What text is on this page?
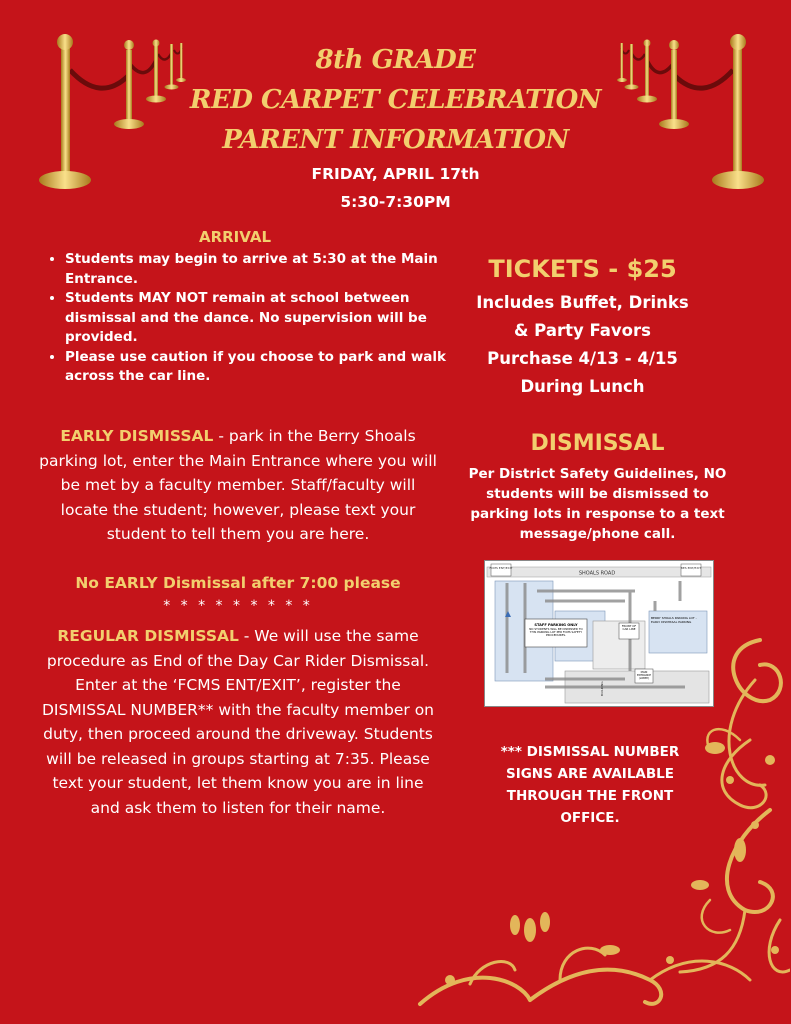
8th GRADE
RED CARPET CELEBRATION
PARENT INFORMATION
FRIDAY, APRIL 17th
5:30-7:30PM
ARRIVAL
• Students may begin to arrive at 5:30 at the Main Entrance.
• Students MAY NOT remain at school between dismissal and the dance. No supervision will be provided.
• Please use caution if you choose to park and walk across the car line.
EARLY DISMISSAL - park in the Berry Shoals parking lot, enter the Main Entrance where you will be met by a faculty member. Staff/faculty will locate the student; however, please text your student to tell them you are here.
No EARLY Dismissal after 7:00 please
* * * * * * * * *
REGULAR DISMISSAL - We will use the same procedure as End of the Day Car Rider Dismissal. Enter at the ‘FCMS ENT/EXIT’, register the DISMISSAL NUMBER** with the faculty member on duty, then proceed around the driveway. Students will be released in groups starting at 7:35. Please text your student, let them know you are in line and ask them to listen for their name.
TICKETS - $25
Includes Buffet, Drinks
& Party Favors
Purchase 4/13 - 4/15
During Lunch
DISMISSAL
Per District Safety Guidelines, NO students will be dismissed to parking lots in response to a text message/phone call.
SHOALS ROAD
FCMS ENT/EXIT	BES ENT/EXIT
STAFF PARKING ONLY
NO STUDENTS WILL BE DISMISSED TO THIS PARKING LOT PER FCMS SAFETY PROCEDURES.
FRONT OF CAR LINE
BERRY SHOALS PARKING LOT - EARLY DISMISSAL PARKING
MAIN ENTRANCE (LOBBY)
BUILDING
*** DISMISSAL NUMBER SIGNS ARE AVAILABLE THROUGH THE FRONT OFFICE.
